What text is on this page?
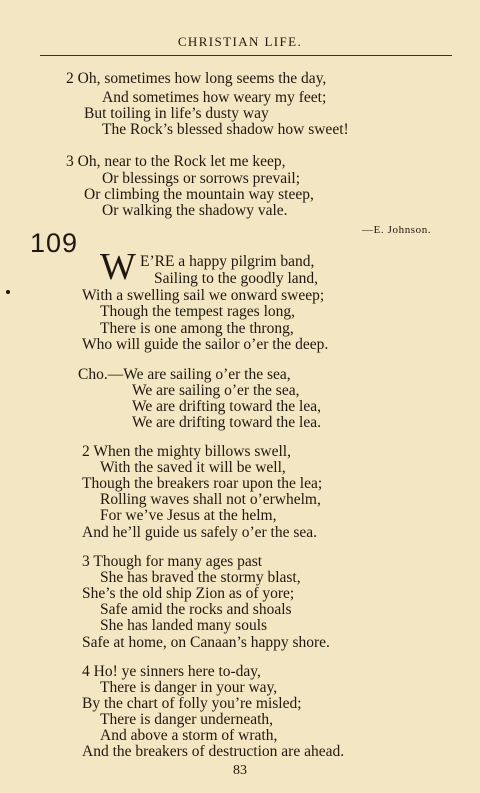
CHRISTIAN LIFE.
2 Oh, sometimes how long seems the day,
And sometimes how weary my feet;
But toiling in life’s dusty way
The Rock’s blessed shadow how sweet!
3 Oh, near to the Rock let me keep,
Or blessings or sorrows prevail;
Or climbing the mountain way steep,
Or walking the shadowy vale.
—E. Johnson.
109
W E’RE a happy pilgrim band,
Sailing to the goodly land,
With a swelling sail we onward sweep;
Though the tempest rages long,
There is one among the throng,
Who will guide the sailor o’er the deep.
Cho.—We are sailing o’er the sea,
We are sailing o’er the sea,
We are drifting toward the lea,
We are drifting toward the lea.
2 When the mighty billows swell,
With the saved it will be well,
Though the breakers roar upon the lea;
Rolling waves shall not o’erwhelm,
For we’ve Jesus at the helm,
And he’ll guide us safely o’er the sea.
3 Though for many ages past
She has braved the stormy blast,
She’s the old ship Zion as of yore;
Safe amid the rocks and shoals
She has landed many souls
Safe at home, on Canaan’s happy shore.
4 Ho! ye sinners here to-day,
There is danger in your way,
By the chart of folly you’re misled;
There is danger underneath,
And above a storm of wrath,
And the breakers of destruction are ahead.
83
